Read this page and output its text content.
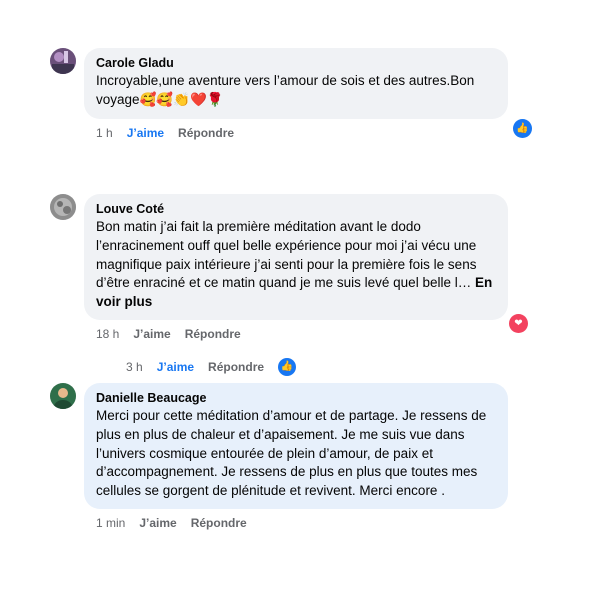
Carole Gladu
Incroyable,une aventure vers l’amour de sois et des autres.Bon voyage🥰🥰👏❤️🌹
1 h J’aime Répondre	👍
Louve Coté
Bon matin j’ai fait la première méditation avant le dodo l’enracinement ouff quel belle expérience pour moi j’ai vécu une magnifique paix intérieure j’ai senti pour la première fois le sens d’être enraciné et ce matin quand je me suis levé quel belle l… En voir plus
18 h J’aime Répondre
❤
3 h J’aime Répondre 👍
Danielle Beaucage
Merci pour cette méditation d’amour et de partage. Je ressens de plus en plus de chaleur et d’apaisement. Je me suis vue dans l’univers cosmique entourée de plein d’amour, de paix et d’accompagnement. Je ressens de plus en plus que toutes mes cellules se gorgent de plénitude et revivent. Merci encore .
1 min J’aime Répondre
